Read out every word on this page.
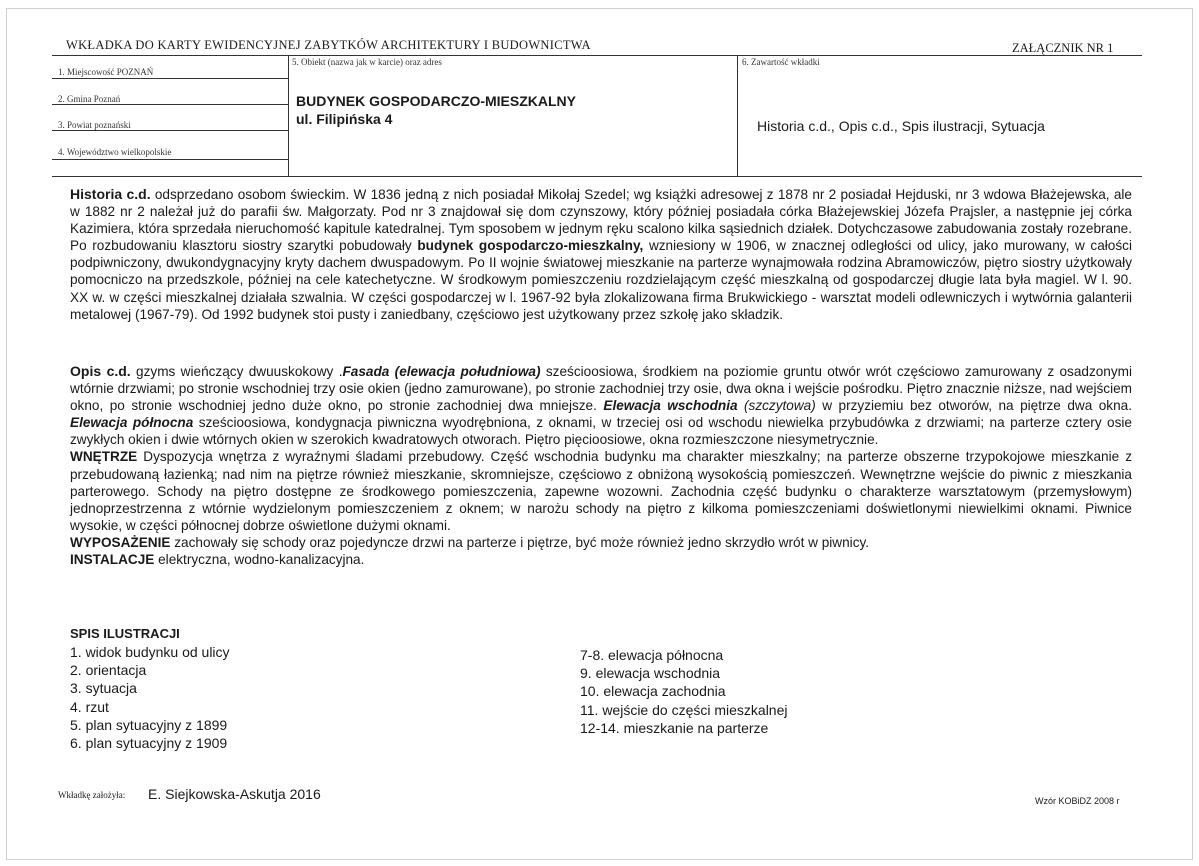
WKŁADKA DO KARTY EWIDENCYJNEJ ZABYTKÓW ARCHITEKTURY I BUDOWNICTWA	ZAŁĄCZNIK NR 1
1. Miejscowość POZNAŃ
2. Gmina Poznań
3. Powiat poznański
4. Województwo wielkopolskie
5. Obiekt (nazwa jak w karcie) oraz adres	6. Zawartość wkładki
BUDYNEK GOSPODARCZO-MIESZKALNY
ul. Filipińska 4	Historia c.d., Opis c.d., Spis ilustracji, Sytuacja

Historia c.d. odsprzedano osobom świeckim. W 1836 jedną z nich posiadał Mikołaj Szedel; wg książki adresowej z 1878 nr 2 posiadał Hejduski, nr 3 wdowa Błażejewska, ale w 1882 nr 2 należał już do parafii św. Małgorzaty. Pod nr 3 znajdował się dom czynszowy, który później posiadała córka Błażejewskiej Józefa Prajsler, a następnie jej córka Kazimiera, która sprzedała nieruchomość kapitule katedralnej. Tym sposobem w jednym ręku scalono kilka sąsiednich działek. Dotychczasowe zabudowania zostały rozebrane. Po rozbudowaniu klasztoru siostry szarytki pobudowały budynek gospodarczo-mieszkalny, wzniesiony w 1906, w znacznej odległości od ulicy, jako murowany, w całości podpiwniczony, dwukondygnacyjny kryty dachem dwuspadowym. Po II wojnie światowej mieszkanie na parterze wynajmowała rodzina Abramowiczów, piętro siostry użytkowały pomocniczo na przedszkole, później na cele katechetyczne. W środkowym pomieszczeniu rozdzielającym część mieszkalną od gospodarczej długie lata była magiel. W l. 90. XX w. w części mieszkalnej działała szwalnia. W części gospodarczej w l. 1967-92 była zlokalizowana firma Brukwickiego - warsztat modeli odlewniczych i wytwórnia galanterii metalowej (1967-79). Od 1992 budynek stoi pusty i zaniedbany, częściowo jest użytkowany przez szkołę jako składzik.

Opis c.d. gzyms wieńczący dwuuskokowy .Fasada (elewacja południowa) sześcioosiowa, środkiem na poziomie gruntu otwór wrót częściowo zamurowany z osadzonymi wtórnie drzwiami; po stronie wschodniej trzy osie okien (jedno zamurowane), po stronie zachodniej trzy osie, dwa okna i wejście pośrodku. Piętro znacznie niższe, nad wejściem okno, po stronie wschodniej jedno duże okno, po stronie zachodniej dwa mniejsze. Elewacja wschodnia (szczytowa) w przyziemiu bez otworów, na piętrze dwa okna. Elewacja północna sześcioosiowa, kondygnacja piwniczna wyodrębniona, z oknami, w trzeciej osi od wschodu niewielka przybudówka z drzwiami; na parterze cztery osie zwykłych okien i dwie wtórnych okien w szerokich kwadratowych otworach. Piętro pięcioosiowe, okna rozmieszczone niesymetrycznie.
WNĘTRZE Dyspozycja wnętrza z wyraźnymi śladami przebudowy. Część wschodnia budynku ma charakter mieszkalny; na parterze obszerne trzypokojowe mieszkanie z przebudowaną łazienką; nad nim na piętrze również mieszkanie, skromniejsze, częściowo z obniżoną wysokością pomieszczeń. Wewnętrzne wejście do piwnic z mieszkania parterowego. Schody na piętro dostępne ze środkowego pomieszczenia, zapewne wozowni. Zachodnia część budynku o charakterze warsztatowym (przemysłowym) jednoprzestrzenna z wtórnie wydzielonym pomieszczeniem z oknem; w narożu schody na piętro z kilkoma pomieszczeniami doświetlonymi niewielkimi oknami. Piwnice wysokie, w części północnej dobrze oświetlone dużymi oknami.
WYPOSAŻENIE zachowały się schody oraz pojedyncze drzwi na parterze i piętrze, być może również jedno skrzydło wrót w piwnicy.
INSTALACJE elektryczna, wodno-kanalizacyjna.

SPIS ILUSTRACJI
1. widok budynku od ulicy
2. orientacja
3. sytuacja
4. rzut
5. plan sytuacyjny z 1899
6. plan sytuacyjny z 1909
7-8. elewacja północna
9. elewacja wschodnia
10. elewacja zachodnia
11. wejście do części mieszkalnej
12-14. mieszkanie na parterze
Wkładkę założyła: E. Siejkowska-Askutja 2016	Wzór KOBiDZ 2008 r
